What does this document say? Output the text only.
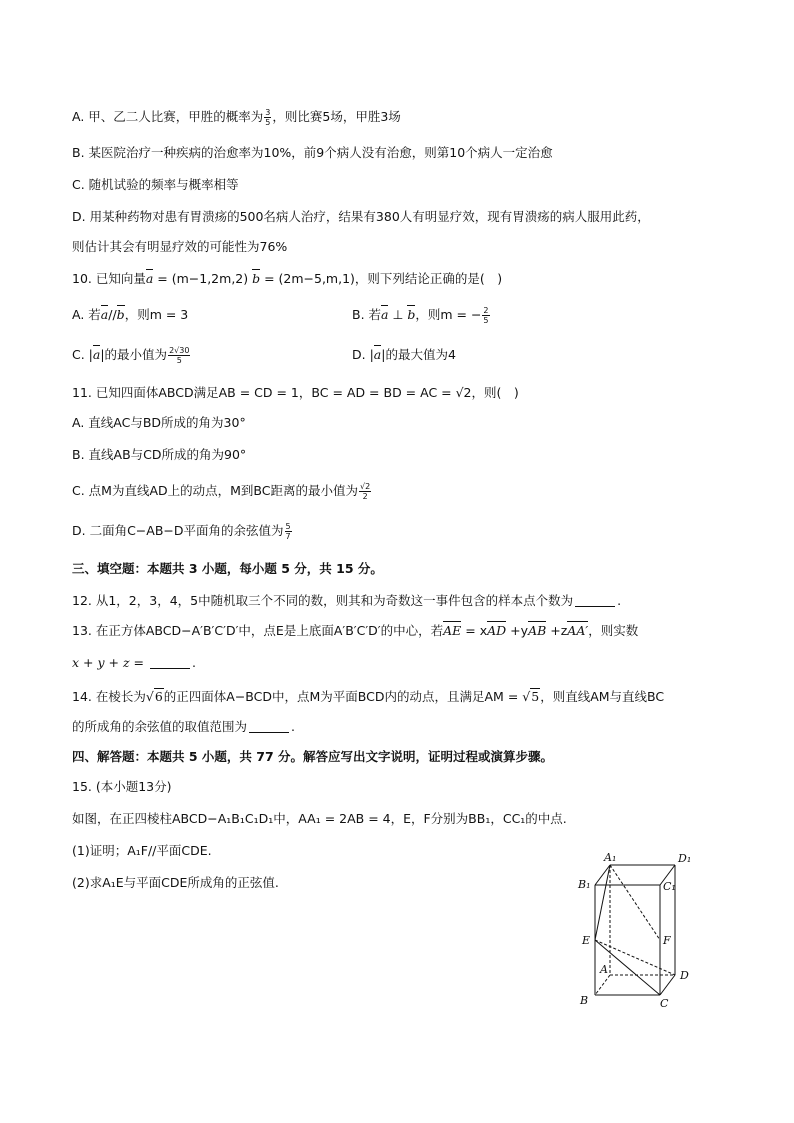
A. 甲、乙二人比赛，甲胜的概率为 $\frac{3}{5}$ ，则比赛5场，甲胜3场
B. 某医院治疗一种疾病的治愈率为10%，前9个病人没有治愈，则第10个病人一定治愈
C. 随机试验的频率与概率相等
D. 用某种药物对患有胃溃疡的500名病人治疗，结果有380人有明显疗效，现有胃溃疡的病人服用此药，
则估计其会有明显疗效的可能性为76%
10. 已知向量a = (m−1,2m,2) b = (2m−5,m,1)，则下列结论正确的是(　)
A. 若a//b，则m = 3	B. 若a ⊥ b，则m = − $\frac{2}{5}$
C. |a|的最小值为 $\frac{2√30}{5}$	D. |a|的最大值为4
11. 已知四面体ABCD满足AB = CD = 1，BC = AD = BD = AC = √2，则(　)
A. 直线AC与BD所成的角为30°
B. 直线AB与CD所成的角为90°
C. 点M为直线AD上的动点，M到BC距离的最小值为 $\frac{√2}{2}$
D. 二面角C−AB−D平面角的余弦值为 $\frac{5}{7}$
三、填空题：本题共 3 小题，每小题 5 分，共 15 分。
12. 从1，2，3，4，5中随机取三个不同的数，则其和为奇数这一事件包含的样本点个数为	.
13. 在正方体ABCD−A′B′C′D′中，点E是上底面A′B′C′D′的中心，若AE = xAD +yAB +zAA′，则实数
x + y + z =	.
14. 在棱长为√6的正四面体A−BCD中，点M为平面BCD内的动点，且满足AM = √5，则直线AM与直线BC
的所成角的余弦值的取值范围为	.
四、解答题：本题共 5 小题，共 77 分。解答应写出文字说明，证明过程或演算步骤。
15. (本小题13分)
如图，在正四棱柱ABCD−A₁B₁C₁D₁中，AA₁ = 2AB = 4，E，F分别为BB₁，CC₁的中点.
(1)证明；A₁F//平面CDE.
(2)求A₁E与平面CDE所成角的正弦值.
A₁	D₁
B₁	C₁
E	F
A	D
B	C
